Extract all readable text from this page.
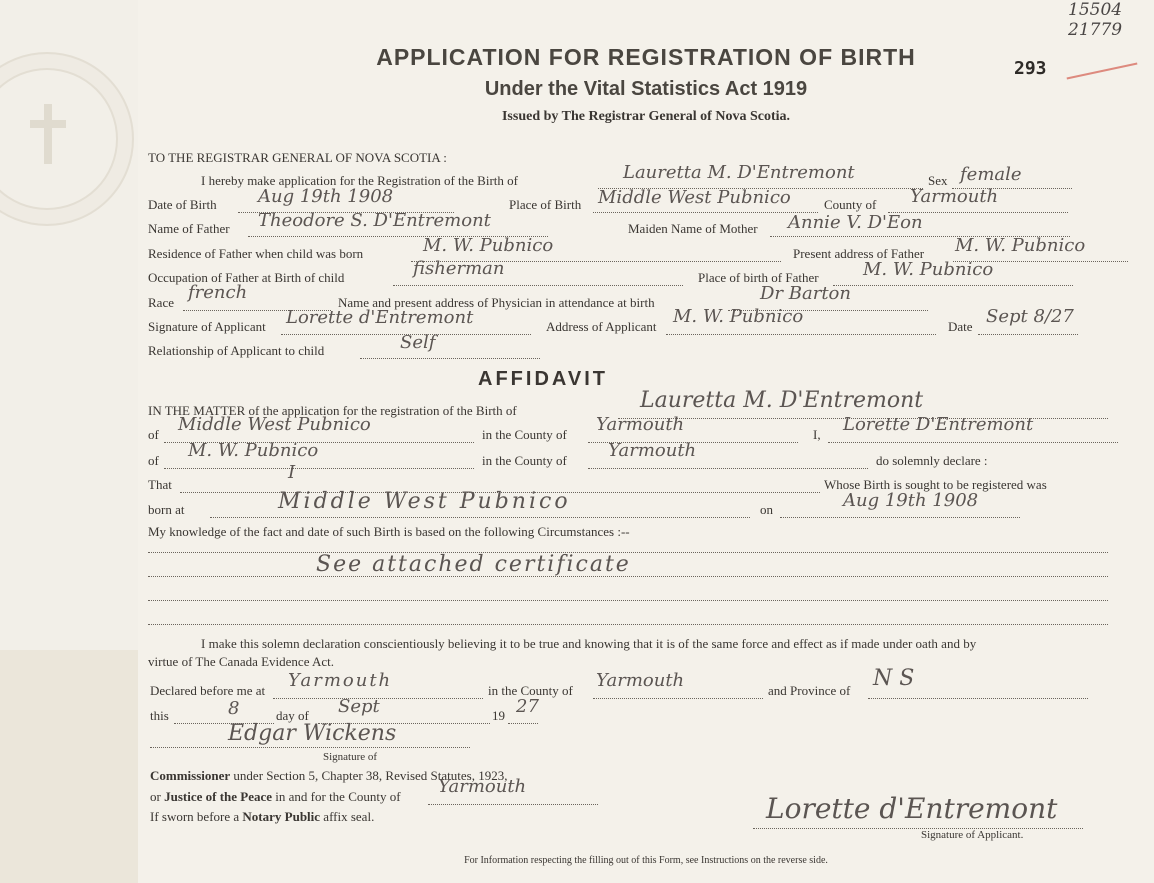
15504
21779
293
APPLICATION FOR REGISTRATION OF BIRTH
Under the Vital Statistics Act 1919
Issued by The Registrar General of Nova Scotia.
TO THE REGISTRAR GENERAL OF NOVA SCOTIA :
I hereby make application for the Registration of the Birth of	Lauretta M. D'Entremont	Sex female
Date of Birth Aug 19th 1908	Place of Birth Middle West Pubnico	County of Yarmouth
Name of Father Theodore S. D'Entremont	Maiden Name of Mother Annie V. D'Eon
Residence of Father when child was born	M. W. Pubnico	Present address of Father M. W. Pubnico
Occupation of Father at Birth of child	fisherman	Place of birth of Father M. W. Pubnico
Race french	Name and present address of Physician in attendance at birth	Dr Barton
Signature of Applicant Lorette d'Entremont	Address of Applicant M. W. Pubnico	Date Sept 8/27
Relationship of Applicant to child	Self
AFFIDAVIT
IN THE MATTER of the application for the registration of the Birth of	Lauretta M. D'Entremont
of Middle West Pubnico	in the County of Yarmouth	I, Lorette D'Entremont
of M. W. Pubnico	in the County of Yarmouth	do solemnly declare :
That
I
Whose Birth is sought to be registered was
born at	Middle West Pubnico	on	Aug 19th 1908
My knowledge of the fact and date of such Birth is based on the following Circumstances :--
See attached certificate
I make this solemn declaration conscientiously believing it to be true and knowing that it is of the same force and effect as if made under oath and by
virtue of The Canada Evidence Act.
Declared before me at Yarmouth	in the County of Yarmouth	and Province of N S
this	8	day of Sept	19 27
Edgar Wickens
Signature of
Commissioner under Section 5, Chapter 38, Revised Statutes, 1923,
or Justice of the Peace in and for the County of Yarmouth
If sworn before a Notary Public affix seal.	Lorette d'Entremont
Signature of Applicant.
For Information respecting the filling out of this Form, see Instructions on the reverse side.
